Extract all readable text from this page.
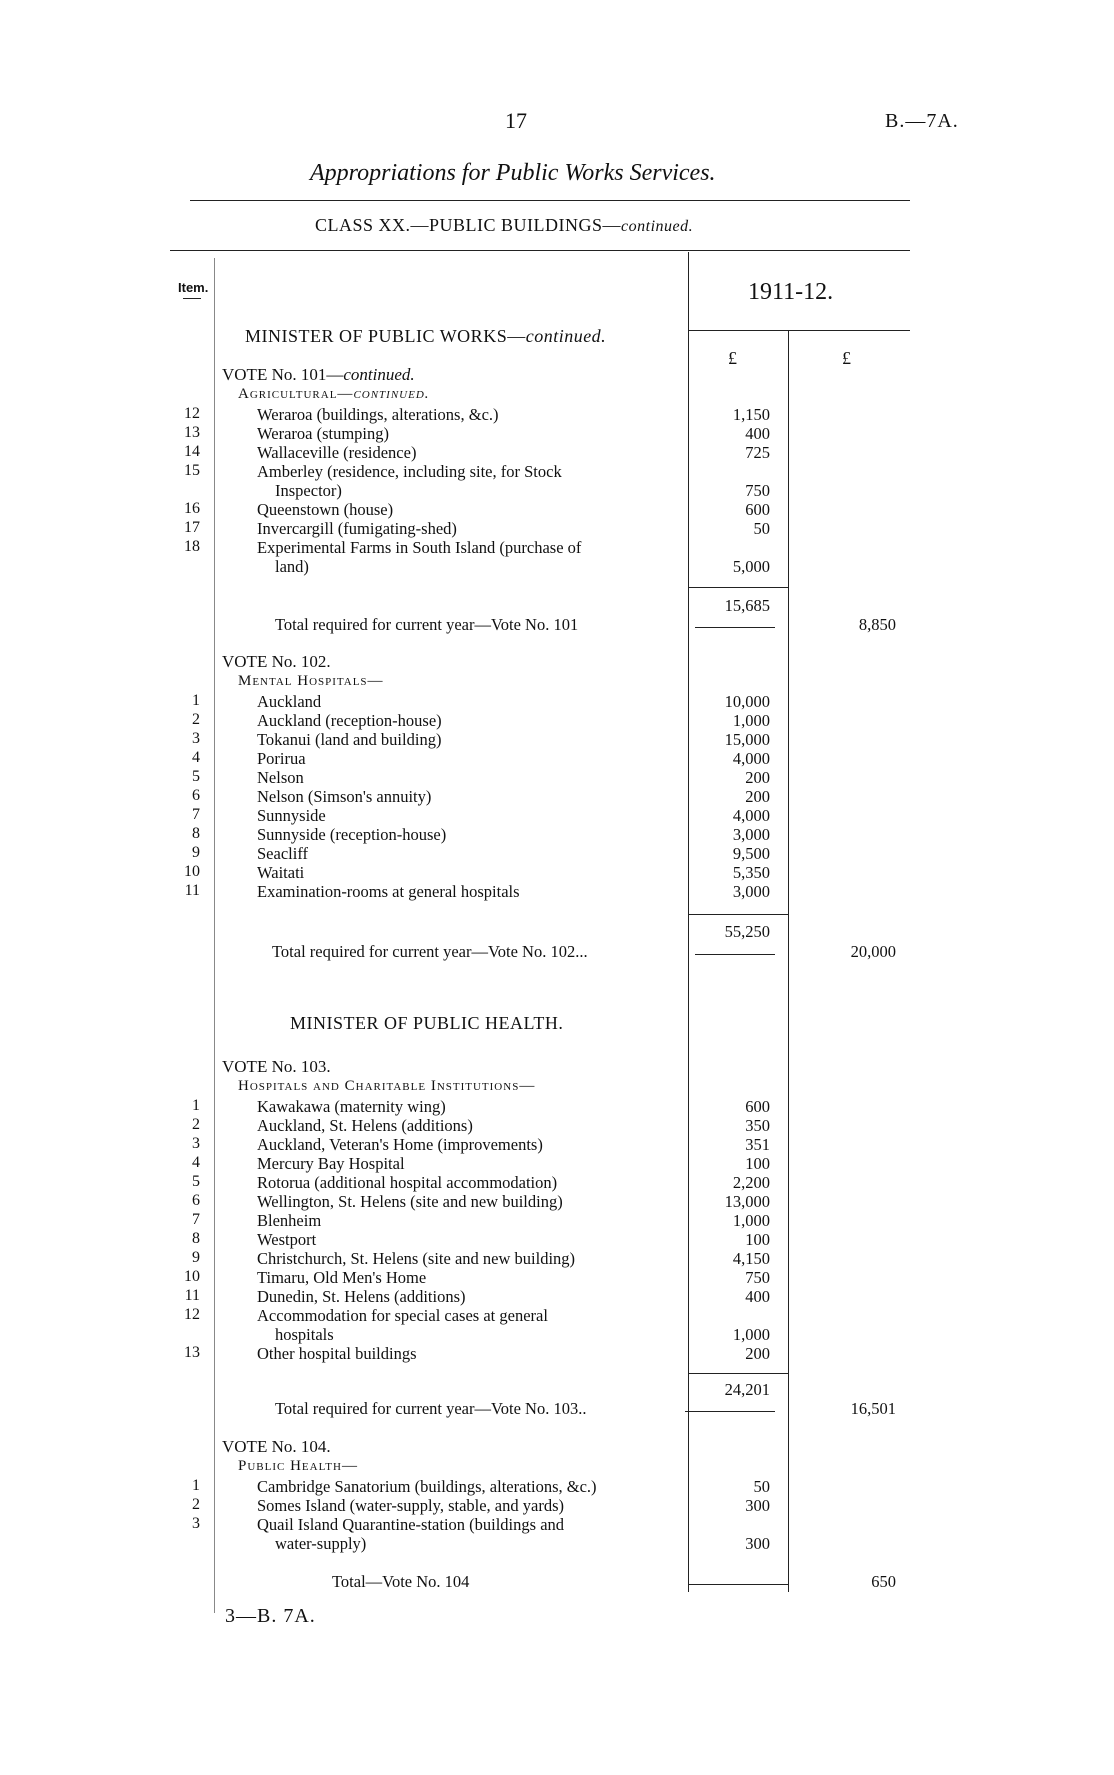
17	B.—7A.
Appropriations for Public Works Services.
CLASS XX.—PUBLIC BUILDINGS—continued.
Item.	1911-12.
£	£
MINISTER OF PUBLIC WORKS—continued.
VOTE No. 101—continued.
Agricultural—continued.
12	Weraroa (buildings, alterations, &c.)	1,150
13	Weraroa (stumping)	400
14	Wallaceville (residence)	725
15	Amberley (residence, including site, for Stock
Inspector)	750
16	Queenstown (house)	600
17	Invercargill (fumigating-shed)	50
18	Experimental Farms in South Island (purchase of
land)	5,000
15,685
Total required for current year—Vote No. 101	8,850
VOTE No. 102.
Mental Hospitals—
1	Auckland	10,000
2	Auckland (reception-house)	1,000
3	Tokanui (land and building)	15,000
4	Porirua	4,000
5	Nelson	200
6	Nelson (Simson's annuity)	200
7	Sunnyside	4,000
8	Sunnyside (reception-house)	3,000
9	Seacliff	9,500
10	Waitati	5,350
11	Examination-rooms at general hospitals	3,000
55,250
Total required for current year—Vote No. 102...	20,000
MINISTER OF PUBLIC HEALTH.
VOTE No. 103.
Hospitals and Charitable Institutions—
1	Kawakawa (maternity wing)	600
2	Auckland, St. Helens (additions)	350
3	Auckland, Veteran's Home (improvements)	351
4	Mercury Bay Hospital	100
5	Rotorua (additional hospital accommodation)	2,200
6	Wellington, St. Helens (site and new building)	13,000
7	Blenheim	1,000
8	Westport	100
9	Christchurch, St. Helens (site and new building)	4,150
10	Timaru, Old Men's Home	750
11	Dunedin, St. Helens (additions)	400
12	Accommodation for special cases at general
hospitals	1,000
13	Other hospital buildings	200
24,201
Total required for current year—Vote No. 103..	16,501
VOTE No. 104.
Public Health—
1	Cambridge Sanatorium (buildings, alterations, &c.)	50
2	Somes Island (water-supply, stable, and yards)	300
3	Quail Island Quarantine-station (buildings and
water-supply)	300
Total—Vote No. 104	650
3—B. 7A.
